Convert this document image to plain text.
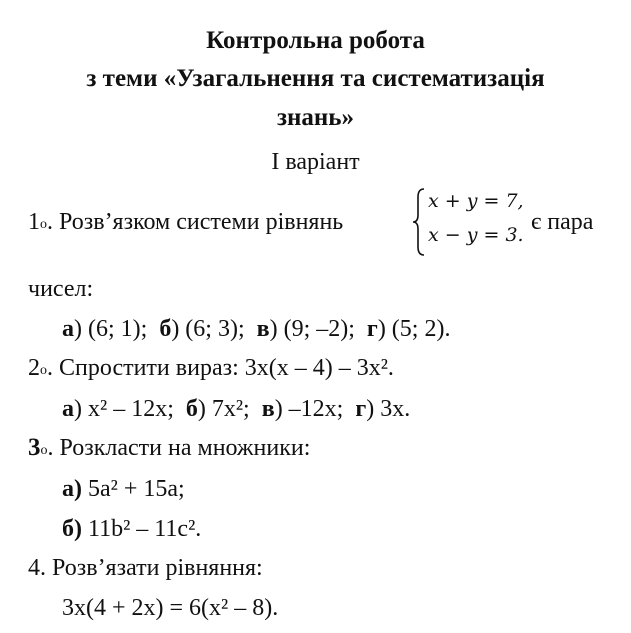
Контрольна робота
з теми «Узагальнення та систематизація
знань»
І варіант
$1^о$. Розв’язком системи рівнянь
x + y = 7,
x − y = 3. є пара
чисел:
а) (6; 1); б) (6; 3); в) (9; –2); г) (5; 2).
$2^о$. Спростити вираз: 3x(x – 4) – 3x².
а) x² – 12x; б) 7x²; в) –12x; г) 3x.
$3^о$. Розкласти на множники:
а) 5a² + 15a;
б) 11b² – 11c².
4. Розв’язати рівняння:
3x(4 + 2x) = 6(x² – 8).
